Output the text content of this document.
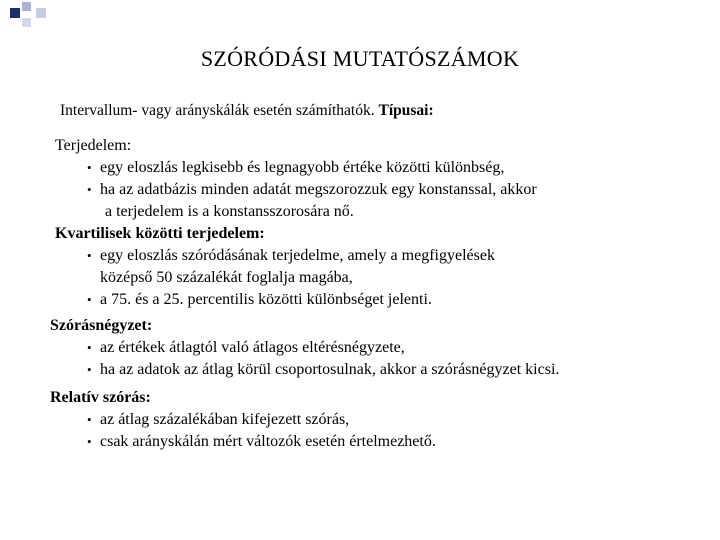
SZÓRÓDÁSI MUTATÓSZÁMOK
Intervallum- vagy arányskálák esetén számíthatók. Típusai:
Terjedelem:
• egy eloszlás legkisebb és legnagyobb értéke közötti különbség,
• ha az adatbázis minden adatát megszorozzuk egy konstanssal, akkor
a terjedelem is a konstansszorosára nő.
Kvartilisek közötti terjedelem:
• egy eloszlás szóródásának terjedelme, amely a megfigyelések
középső 50 százalékát foglalja magába,
• a 75. és a 25. percentilis közötti különbséget jelenti.
Szórásnégyzet:
• az értékek átlagtól való átlagos eltérésnégyzete,
• ha az adatok az átlag körül csoportosulnak, akkor a szórásnégyzet kicsi.
Relatív szórás:
• az átlag százalékában kifejezett szórás,
• csak arányskálán mért változók esetén értelmezhető.
